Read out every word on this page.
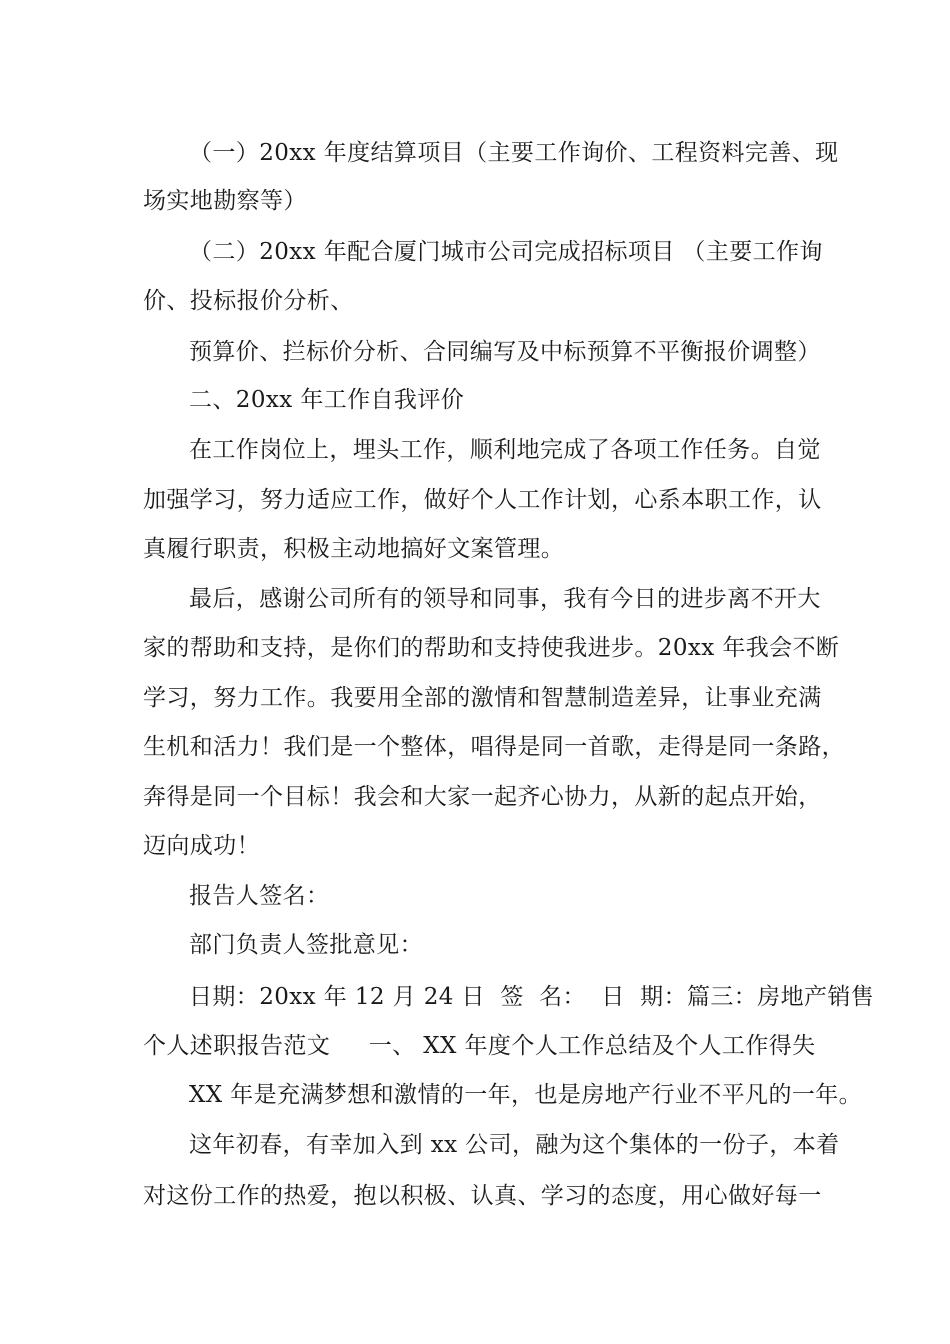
（一）20xx 年度结算项目（主要工作询价、工程资料完善、现
场实地勘察等）
（二）20xx 年配合厦门城市公司完成招标项目 （主要工作询
价、投标报价分析、
预算价、拦标价分析、合同编写及中标预算不平衡报价调整）
二、20xx 年工作自我评价
在工作岗位上，埋头工作，顺利地完成了各项工作任务。自觉
加强学习，努力适应工作，做好个人工作计划，心系本职工作，认
真履行职责，积极主动地搞好文案管理。
最后，感谢公司所有的领导和同事，我有今日的进步离不开大
家的帮助和支持，是你们的帮助和支持使我进步。20xx 年我会不断
学习，努力工作。我要用全部的激情和智慧制造差异，让事业充满
生机和活力！我们是一个整体，唱得是同一首歌，走得是同一条路，
奔得是同一个目标！我会和大家一起齐心协力，从新的起点开始，
迈向成功！
报告人签名：
部门负责人签批意见：
日期：20xx 年 12 月 24 日  签  名：  日  期：篇三：房地产销售
个人述职报告范文     一、 XX 年度个人工作总结及个人工作得失
XX 年是充满梦想和激情的一年，也是房地产行业不平凡的一年。
这年初春，有幸加入到 xx 公司，融为这个集体的一份子，本着
对这份工作的热爱，抱以积极、认真、学习的态度，用心做好每一
